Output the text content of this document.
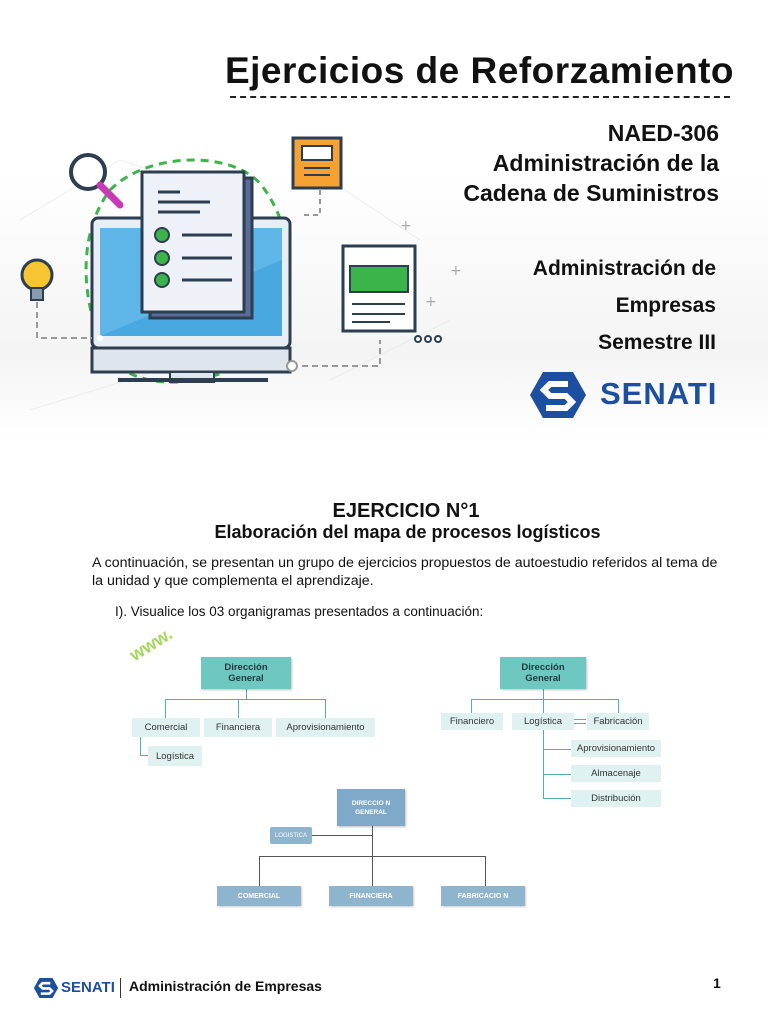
+
+
+
Ejercicios de Reforzamiento
NAED-306
Administración de la
Cadena de Suministros
Administración de
Empresas
Semestre III
SENATI
EJERCICIO N°1
Elaboración del mapa de procesos logísticos
A continuación, se presentan un grupo de ejercicios propuestos de autoestudio referidos al tema de la unidad y que complementa el aprendizaje.
I). Visualice los 03 organigramas presentados a continuación:
www.
Dirección
General
Comercial	Financiera	Aprovisionamiento
Logística
Dirección
General
Financiero	Logística	Fabricación
Aprovisionamiento
Almacenaje
Distribución
DIRECCIO N
GENERAL
LOGISTICA
COMERCIAL	FINANCIERA	FABRICACIO N
SENATI Administración de Empresas	1
